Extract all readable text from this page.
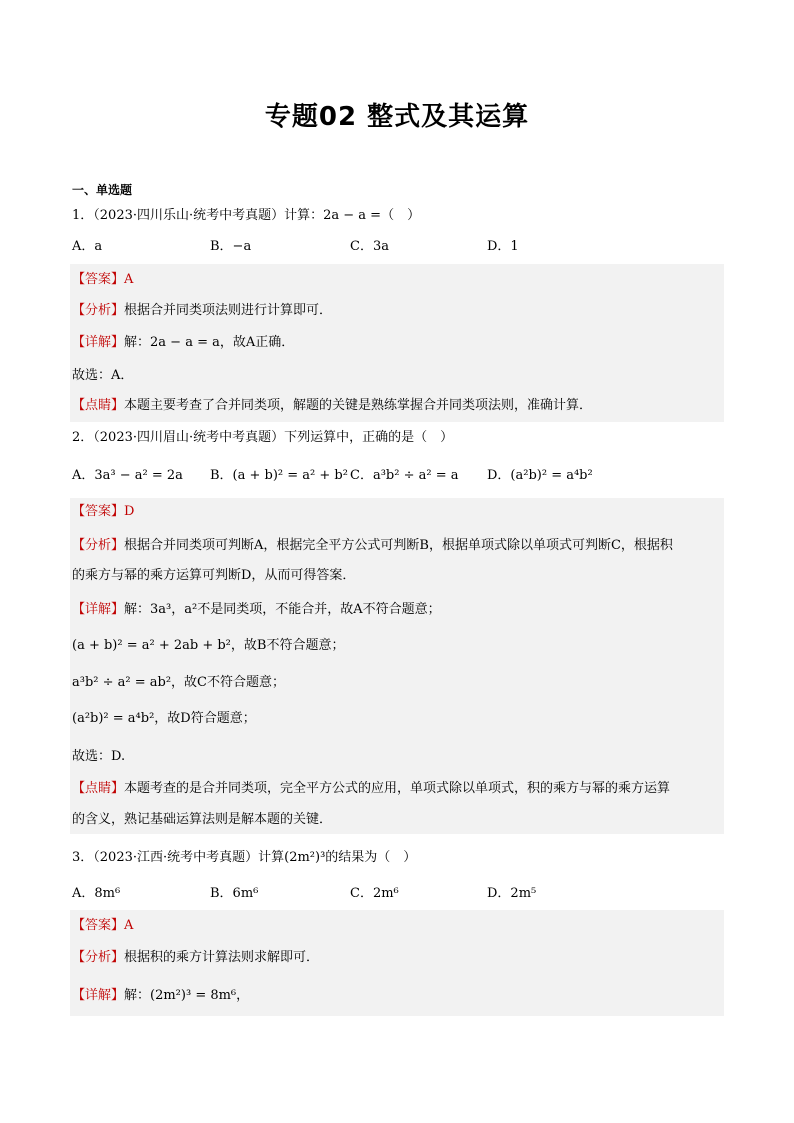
专题02 整式及其运算
一、单选题
1．（2023·四川乐山·统考中考真题）计算：2a − a =（　）
A．a	B．−a	C．3a	D．1
【答案】A
【分析】根据合并同类项法则进行计算即可．
【详解】解：2a − a = a，故A正确．
故选：A．
【点睛】本题主要考查了合并同类项，解题的关键是熟练掌握合并同类项法则，准确计算．
2．（2023·四川眉山·统考中考真题）下列运算中，正确的是（　）
A．3a³ − a² = 2a B．(a + b)² = a² + b² C．a³b² ÷ a² = a D．(a²b)² = a⁴b²
【答案】D
【分析】根据合并同类项可判断A，根据完全平方公式可判断B，根据单项式除以单项式可判断C，根据积
的乘方与幂的乘方运算可判断D，从而可得答案．
【详解】解：3a³，a²不是同类项，不能合并，故A不符合题意；
(a + b)² = a² + 2ab + b²，故B不符合题意；
a³b² ÷ a² = ab²，故C不符合题意；
(a²b)² = a⁴b²，故D符合题意；
故选：D.
【点睛】本题考查的是合并同类项，完全平方公式的应用，单项式除以单项式，积的乘方与幂的乘方运算
的含义，熟记基础运算法则是解本题的关键．
3．（2023·江西·统考中考真题）计算(2m²)³的结果为（　）
A．8m⁶	B．6m⁶	C．2m⁶	D．2m⁵
【答案】A
【分析】根据积的乘方计算法则求解即可．
【详解】解：(2m²)³ = 8m⁶，
